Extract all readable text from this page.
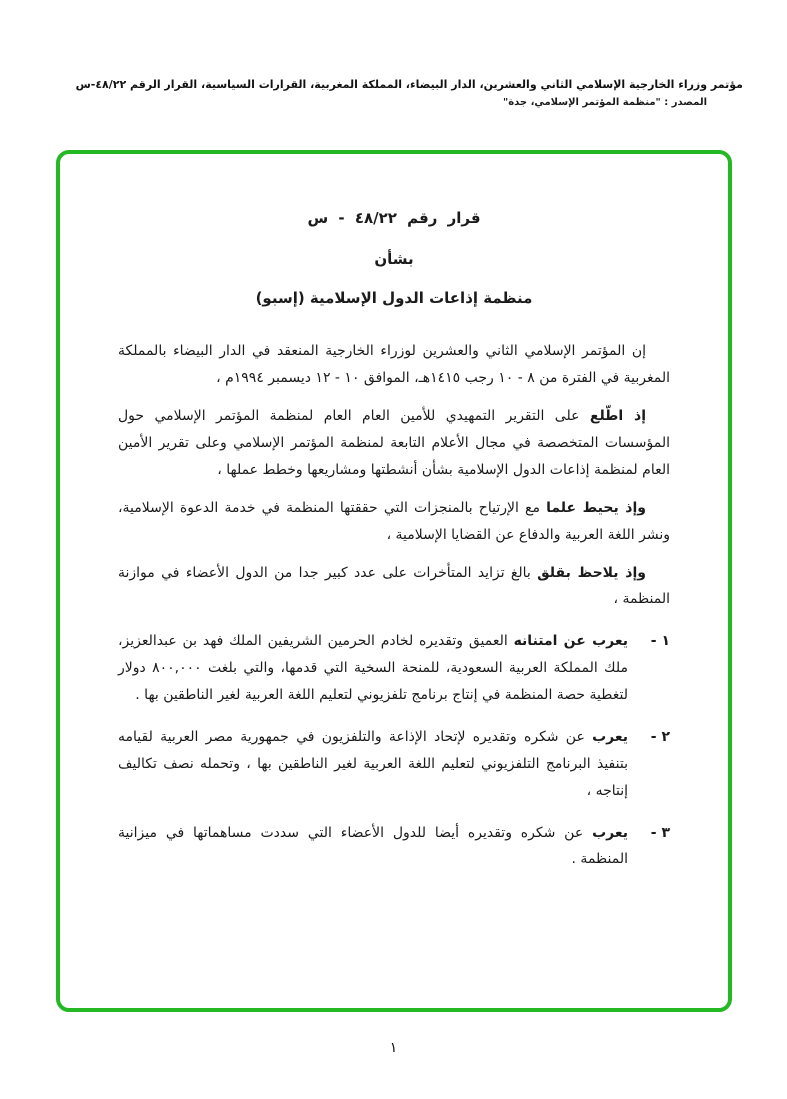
مؤتمر وزراء الخارجية الإسلامي الثاني والعشرين، الدار البيضاء، المملكة المغربية، القرارات السياسية، القرار الرقم ٤٨/٢٢-س
المصدر : "منظمة المؤتمر الإسلامي، جدة"
قرار رقم ٤٨/٢٢ - س
بشأن
منظمة إذاعات الدول الإسلامية (إسبو)

إن المؤتمر الإسلامي الثاني والعشرين لوزراء الخارجية المنعقد في الدار البيضاء بالمملكة المغربية في الفترة من ٨ - ١٠ رجب ١٤١٥هـ، الموافق ١٠ - ١٢ ديسمبر ١٩٩٤م ،

إذ اطّلع على التقرير التمهيدي للأمين العام العام لمنظمة المؤتمر الإسلامي حول المؤسسات المتخصصة في مجال الأعلام التابعة لمنظمة المؤتمر الإسلامي وعلى تقرير الأمين العام لمنظمة إذاعات الدول الإسلامية بشأن أنشطتها ومشاريعها وخطط عملها ،

وإذ يحيط علما مع الإرتياح بالمنجزات التي حققتها المنظمة في خدمة الدعوة الإسلامية، ونشر اللغة العربية والدفاع عن القضايا الإسلامية ،

وإذ يلاحظ بقلق بالغ تزايد المتأخرات على عدد كبير جدا من الدول الأعضاء في موازنة المنظمة ،

١ -
يعرب عن امتنانه العميق وتقديره لخادم الحرمين الشريفين الملك فهد بن عبدالعزيز، ملك المملكة العربية السعودية، للمنحة السخية التي قدمها، والتي بلغت ٨٠٠,٠٠٠ دولار لتغطية حصة المنظمة في إنتاج برنامج تلفزيوني لتعليم اللغة العربية لغير الناطقين بها .
٢ -
يعرب عن شكره وتقديره لإتحاد الإذاعة والتلفزيون في جمهورية مصر العربية لقيامه بتنفيذ البرنامج التلفزيوني لتعليم اللغة العربية لغير الناطقين بها ، وتحمله نصف تكاليف إنتاجه ،
٣ -
يعرب عن شكره وتقديره أيضا للدول الأعضاء التي سددت مساهماتها في ميزانية المنظمة .
١
